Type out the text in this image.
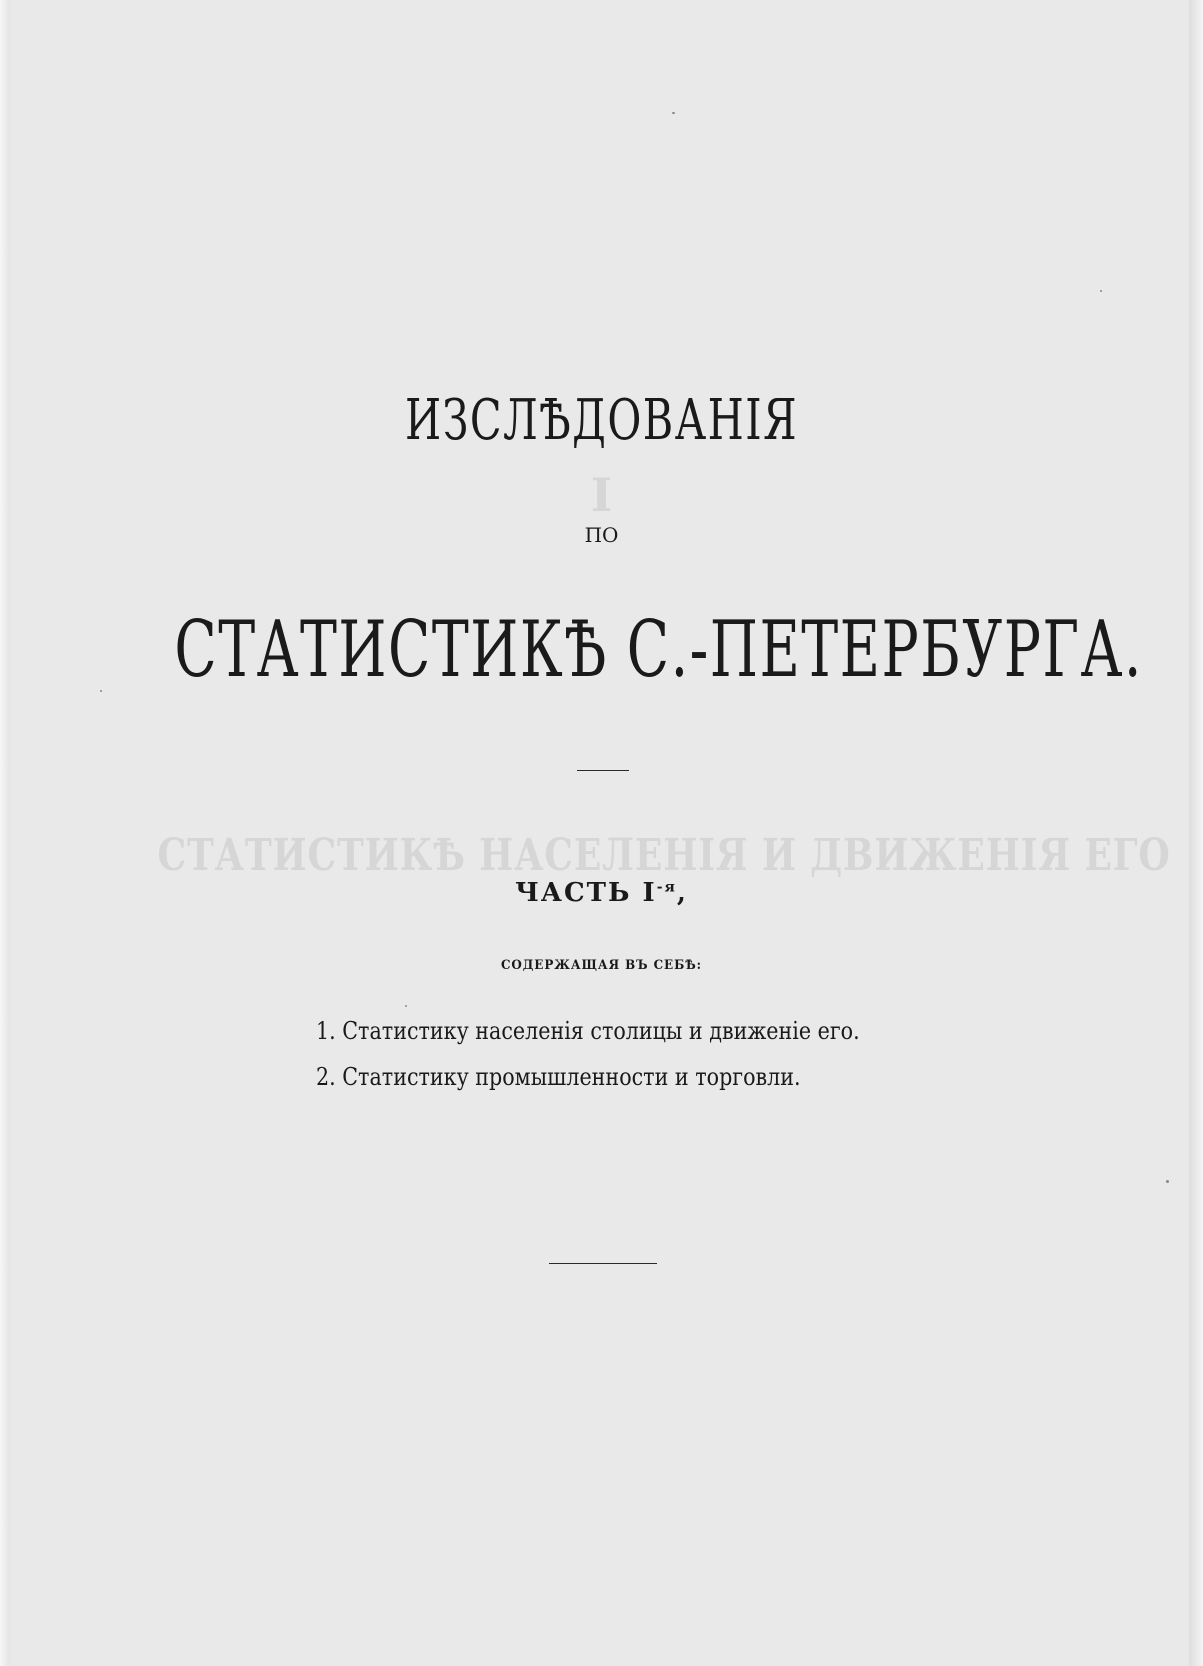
I
СТАТИСТИКѢ НАСЕЛЕНІЯ И ДВИЖЕНІЯ ЕГО
ИЗСЛѢДОВАНІЯ
ПО
СТАТИСТИКѢ С.-ПЕТЕРБУРГА.
ЧАСТЬ $I^{-я}$,
СОДЕРЖАЩАЯ ВЪ СЕБѢ:
1. Статистику населенія столицы и движеніе его.
2. Статистику промышленности и торговли.
